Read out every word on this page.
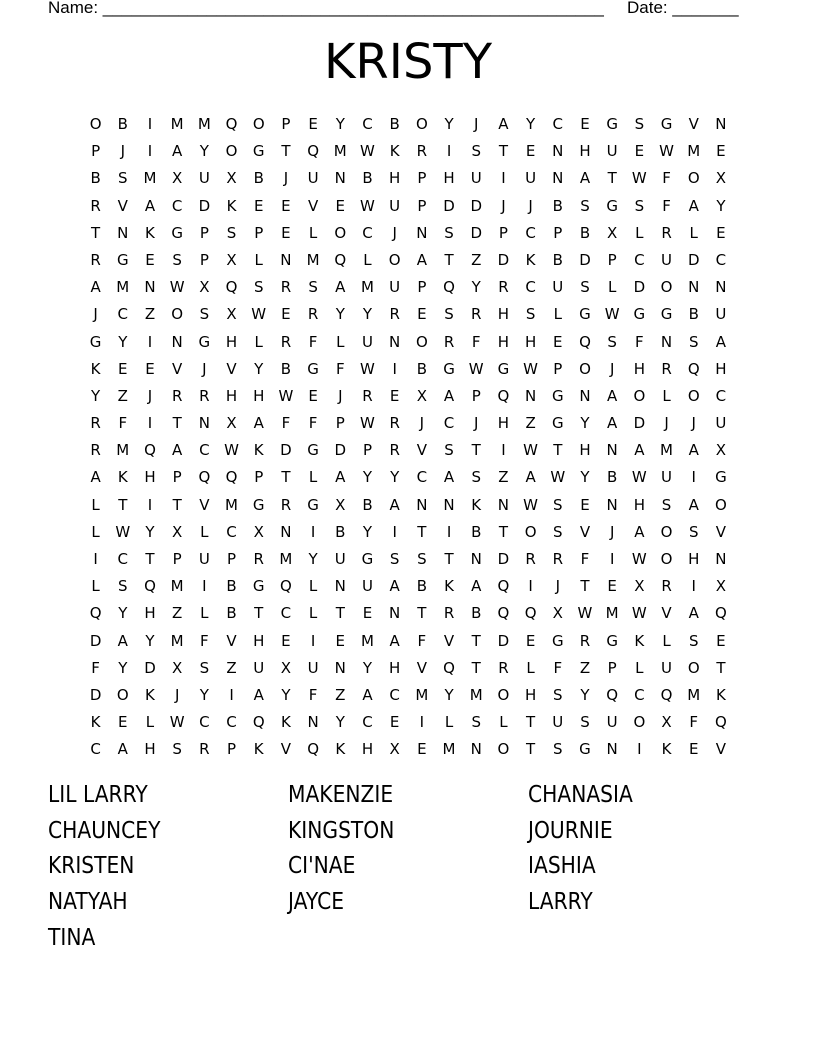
Name: _____________________________________________________ Date: _______
KRISTY
O	B	I	M M Q	O	P	E	Y	C	B	O	Y	J	A	Y	C	E	G	S	G	V	N
P	J	I	A	Y	O	G	T	Q M W K	R	I	S	T	E	N	H	U	E	W M	E
B	S	M	X	U	X	B	J	U	N	B	H	P	H	U	I	U	N	A	T	W	F	O	X
R	V	A	C	D	K	E	E	V	E	W U	P	D	D	J	J	B	S	G	S	F	A	Y
T	N	K	G	P	S	P	E	L	O	C	J	N	S	D	P	C	P	B	X	L	R	L	E
R	G	E	S	P	X	L	N	M Q	L	O	A	T	Z	D	K	B	D	P	C	U	D	C
A	M	N W X	Q	S	R	S	A	M	U	P	Q	Y	R	C	U	S	L	D	O	N	N
J	C	Z	O	S	X W	E	R	Y	Y	R	E	S	R	H	S	L	G W G	G	B	U
G	Y	I	N	G	H	L	R	F	L	U	N	O	R	F	H	H	E	Q	S	F	N	S	A
K	E	E	V	J	V	Y	B	G	F	W	I	B	G W G W	P	O	J	H	R	Q	H
Y	Z	J	R	R	H	H W	E	J	R	E	X	A	P	Q	N	G	N	A	O	L	O	C
R	F	I	T	N	X	A	F	F	P	W R	J	C	J	H	Z	G	Y	A	D	J	J	U
R	M Q	A	C W K	D	G	D	P	R	V	S	T	I	W	T	H	N	A	M	A	X
A	K	H	P	Q	Q	P	T	L	A	Y	Y	C	A	S	Z	A W	Y	B W U	I	G
L	T	I	T	V	M G	R	G	X	B	A	N	N	K	N W	S	E	N	H	S	A	O
L	W	Y	X	L	C	X	N	I	B	Y	I	T	I	B	T	O	S	V	J	A	O	S	V
I	C	T	P	U	P	R	M	Y	U	G	S	S	T	N	D	R	R	F	I	W O	H	N
L	S	Q M	I	B	G	Q	L	N	U	A	B	K	A	Q	I	J	T	E	X	R	I	X
Q	Y	H	Z	L	B	T	C	L	T	E	N	T	R	B	Q	Q	X W M W V	A	Q
D	A	Y	M	F	V	H	E	I	E	M	A	F	V	T	D	E	G	R	G	K	L	S	E
F	Y	D	X	S	Z	U	X	U	N	Y	H	V	Q	T	R	L	F	Z	P	L	U	O	T
D	O	K	J	Y	I	A	Y	F	Z	A	C	M	Y	M O	H	S	Y	Q	C	Q M	K
K	E	L	W C	C	Q	K	N	Y	C	E	I	L	S	L	T	U	S	U	O	X	F	Q
C	A	H	S	R	P	K	V	Q	K	H	X	E	M	N	O	T	S	G	N	I	K	E	V
LIL LARRY	MAKENZIE	CHANASIA
CHAUNCEY	KINGSTON	JOURNIE
KRISTEN	CI'NAE	IASHIA
NATYAH	JAYCE	LARRY
TINA
